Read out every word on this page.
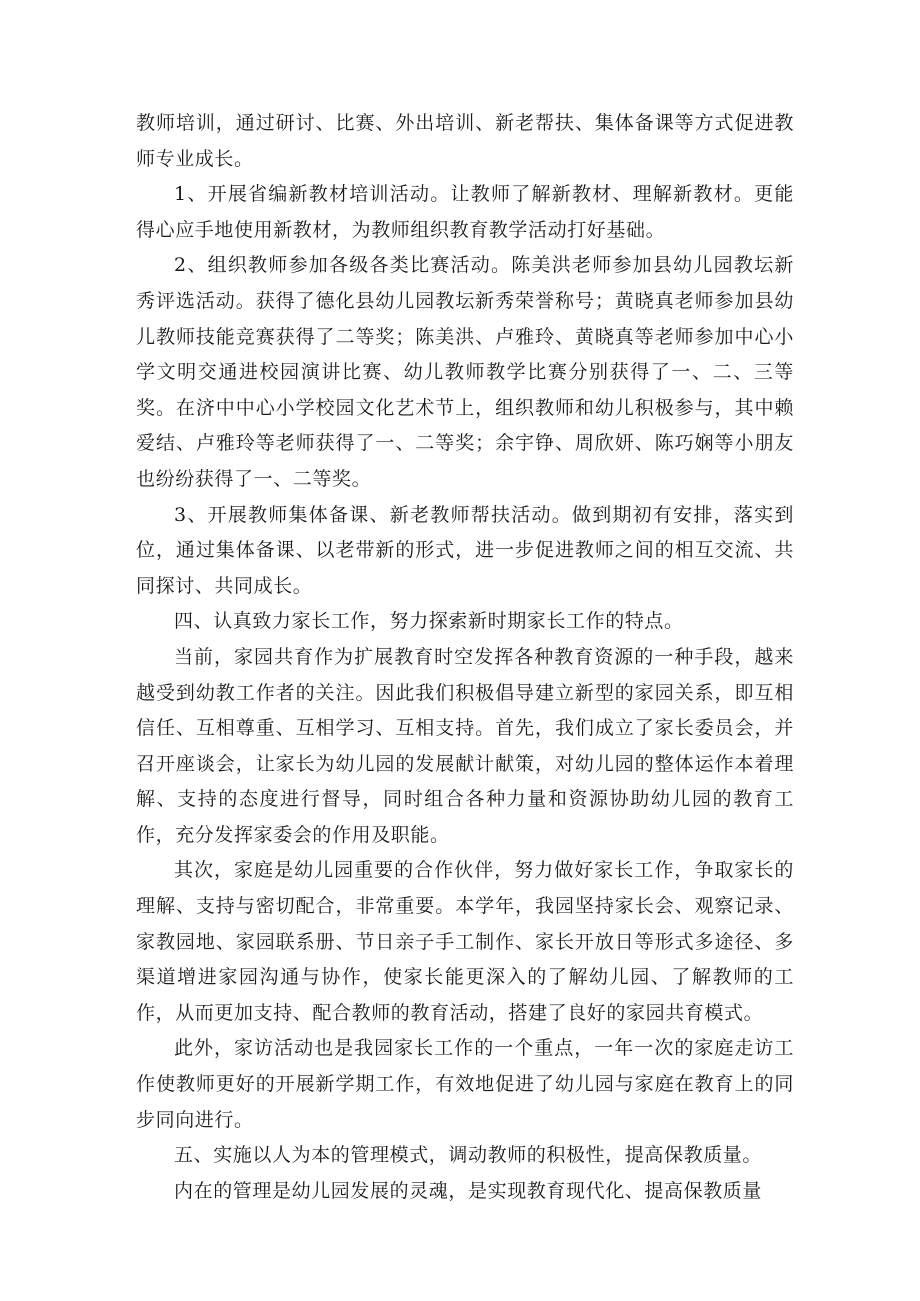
教师培训，通过研讨、比赛、外出培训、新老帮扶、集体备课等方式促进教师专业成长。

1、开展省编新教材培训活动。让教师了解新教材、理解新教材。更能得心应手地使用新教材，为教师组织教育教学活动打好基础。

2、组织教师参加各级各类比赛活动。陈美洪老师参加县幼儿园教坛新秀评选活动。获得了德化县幼儿园教坛新秀荣誉称号；黄晓真老师参加县幼儿教师技能竞赛获得了二等奖；陈美洪、卢雅玲、黄晓真等老师参加中心小学文明交通进校园演讲比赛、幼儿教师教学比赛分别获得了一、二、三等奖。在济中中心小学校园文化艺术节上，组织教师和幼儿积极参与，其中赖爱结、卢雅玲等老师获得了一、二等奖；余宇铮、周欣妍、陈巧娴等小朋友也纷纷获得了一、二等奖。

3、开展教师集体备课、新老教师帮扶活动。做到期初有安排，落实到位，通过集体备课、以老带新的形式，进一步促进教师之间的相互交流、共同探讨、共同成长。

四、认真致力家长工作，努力探索新时期家长工作的特点。

当前，家园共育作为扩展教育时空发挥各种教育资源的一种手段，越来越受到幼教工作者的关注。因此我们积极倡导建立新型的家园关系，即互相信任、互相尊重、互相学习、互相支持。首先，我们成立了家长委员会，并召开座谈会，让家长为幼儿园的发展献计献策，对幼儿园的整体运作本着理解、支持的态度进行督导，同时组合各种力量和资源协助幼儿园的教育工作，充分发挥家委会的作用及职能。

其次，家庭是幼儿园重要的合作伙伴，努力做好家长工作，争取家长的理解、支持与密切配合，非常重要。本学年，我园坚持家长会、观察记录、家教园地、家园联系册、节日亲子手工制作、家长开放日等形式多途径、多渠道增进家园沟通与协作，使家长能更深入的了解幼儿园、了解教师的工作，从而更加支持、配合教师的教育活动，搭建了良好的家园共育模式。

此外，家访活动也是我园家长工作的一个重点，一年一次的家庭走访工作使教师更好的开展新学期工作，有效地促进了幼儿园与家庭在教育上的同步同向进行。

五、实施以人为本的管理模式，调动教师的积极性，提高保教质量。

内在的管理是幼儿园发展的灵魂，是实现教育现代化、提高保教质量
